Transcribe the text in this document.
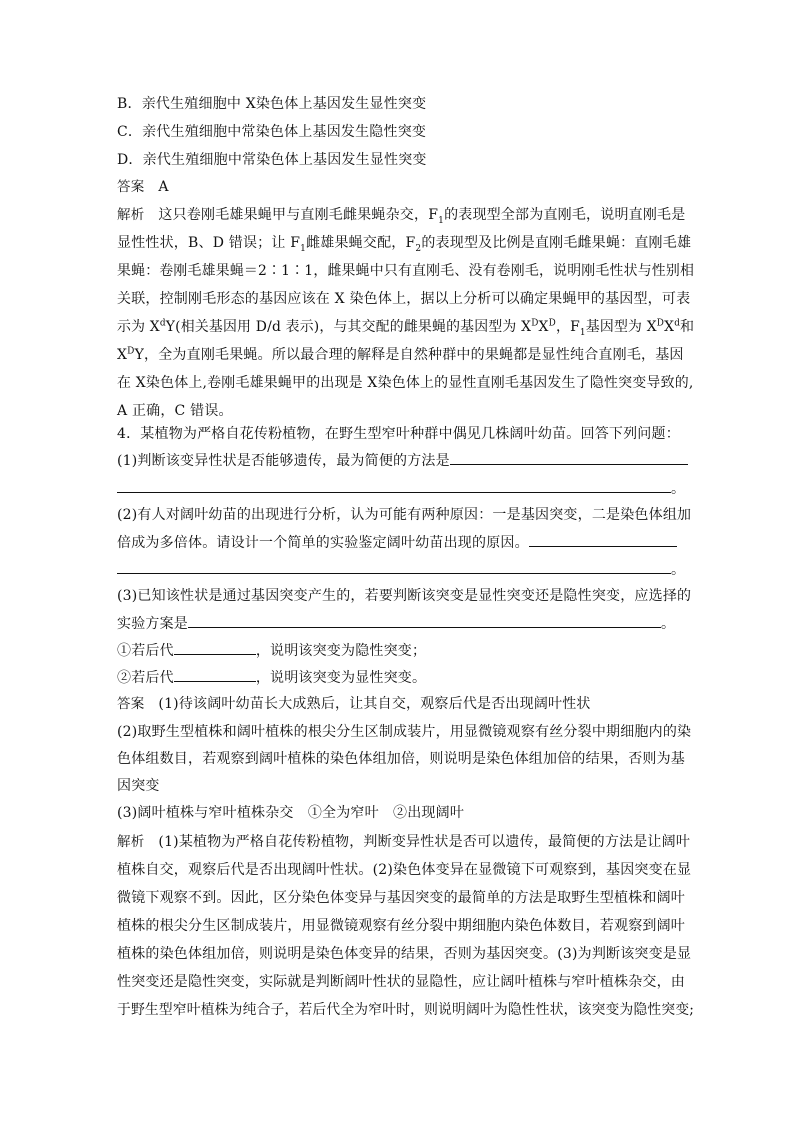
B．亲代生殖细胞中 X染色体上基因发生显性突变
C．亲代生殖细胞中常染色体上基因发生隐性突变
D．亲代生殖细胞中常染色体上基因发生显性突变
答案 A
解析 这只卷刚毛雄果蝇甲与直刚毛雌果蝇杂交，$F_1$的表现型全部为直刚毛，说明直刚毛是
显性性状，B、D 错误；让 $F_1$雌雄果蝇交配，$F_2$的表现型及比例是直刚毛雌果蝇：直刚毛雄
果蝇：卷刚毛雄果蝇＝2∶1∶1，雌果蝇中只有直刚毛、没有卷刚毛，说明刚毛性状与性别相
关联，控制刚毛形态的基因应该在 X 染色体上，据以上分析可以确定果蝇甲的基因型，可表
示为 $X^dY$(相关基因用 D/d 表示)，与其交配的雌果蝇的基因型为 $X^DX^D$，$F_1$基因型为 $X^DX^d$和
$X^DY$，全为直刚毛果蝇。所以最合理的解释是自然种群中的果蝇都是显性纯合直刚毛，基因
在 X染色体上,卷刚毛雄果蝇甲的出现是 X染色体上的显性直刚毛基因发生了隐性突变导致的,
A 正确，C 错误。
4．某植物为严格自花传粉植物，在野生型窄叶种群中偶见几株阔叶幼苗。回答下列问题：
(1)判断该变异性状是否能够遗传，最为简便的方法是
。
(2)有人对阔叶幼苗的出现进行分析，认为可能有两种原因：一是基因突变，二是染色体组加
倍成为多倍体。请设计一个简单的实验鉴定阔叶幼苗出现的原因。
。
(3)已知该性状是通过基因突变产生的，若要判断该突变是显性突变还是隐性突变，应选择的
实验方案是	。
①若后代	，说明该突变为隐性突变；
②若后代	，说明该突变为显性突变。
答案 (1)待该阔叶幼苗长大成熟后，让其自交，观察后代是否出现阔叶性状
(2)取野生型植株和阔叶植株的根尖分生区制成装片，用显微镜观察有丝分裂中期细胞内的染
色体组数目，若观察到阔叶植株的染色体组加倍，则说明是染色体组加倍的结果，否则为基
因突变
(3)阔叶植株与窄叶植株杂交　①全为窄叶　②出现阔叶
解析 (1)某植物为严格自花传粉植物，判断变异性状是否可以遗传，最简便的方法是让阔叶
植株自交，观察后代是否出现阔叶性状。(2)染色体变异在显微镜下可观察到，基因突变在显
微镜下观察不到。因此，区分染色体变异与基因突变的最简单的方法是取野生型植株和阔叶
植株的根尖分生区制成装片，用显微镜观察有丝分裂中期细胞内染色体数目，若观察到阔叶
植株的染色体组加倍，则说明是染色体变异的结果，否则为基因突变。(3)为判断该突变是显
性突变还是隐性突变，实际就是判断阔叶性状的显隐性，应让阔叶植株与窄叶植株杂交，由
于野生型窄叶植株为纯合子，若后代全为窄叶时，则说明阔叶为隐性性状，该突变为隐性突变;
